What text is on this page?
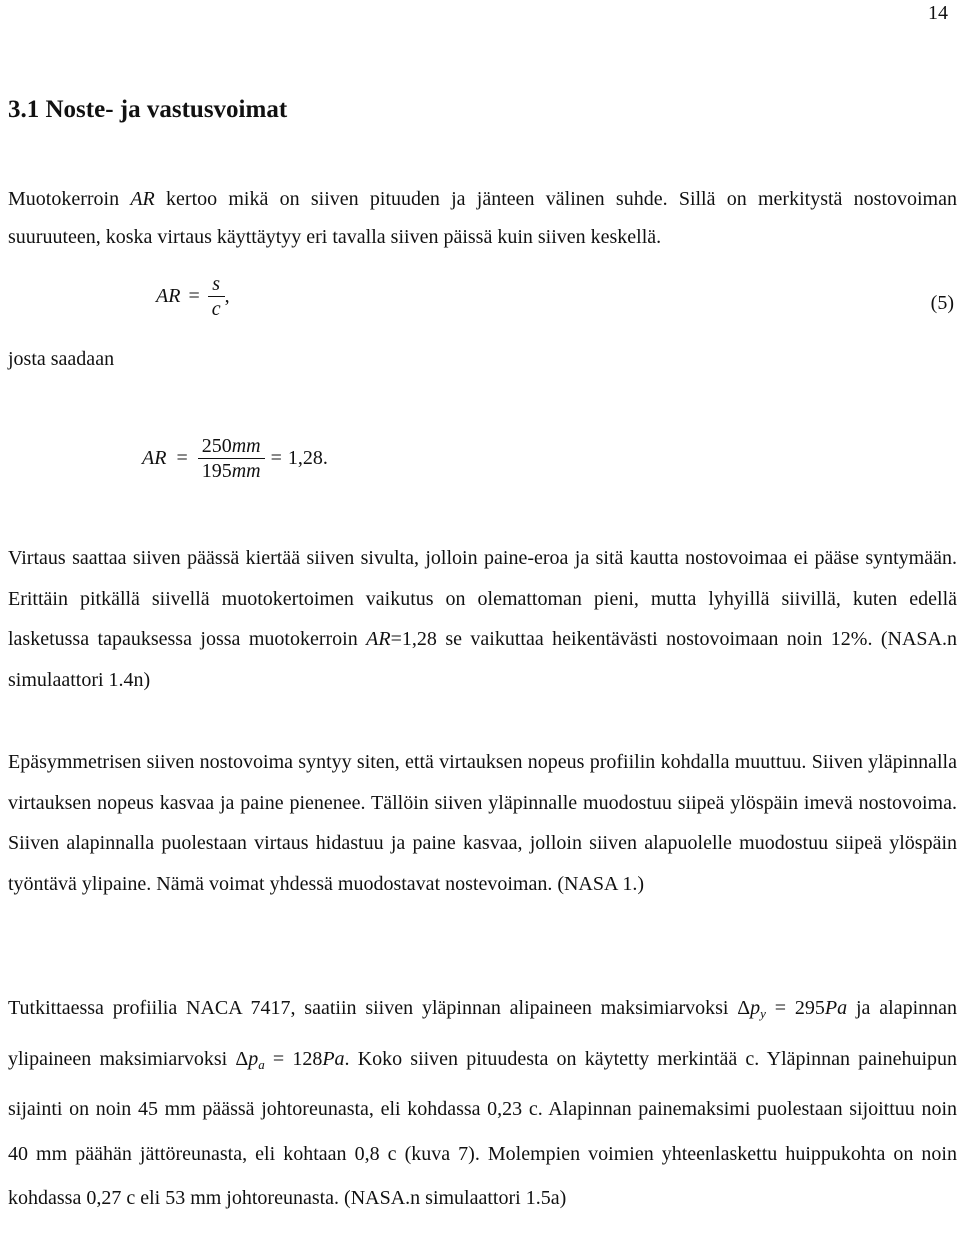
14
3.1 Noste- ja vastusvoimat

Muotokerroin AR kertoo mikä on siiven pituuden ja jänteen välinen suhde. Sillä on merkitystä nostovoiman suuruuteen, koska virtaus käyttäytyy eri tavalla siiven päissä kuin siiven keskellä.

AR = $\frac{s}{c}$ ,	(5)
josta saadaan
AR = $\frac{250mm}{195mm} = 1,28$ .

Virtaus saattaa siiven päässä kiertää siiven sivulta, jolloin paine-eroa ja sitä kautta nostovoimaa ei pääse syntymään. Erittäin pitkällä siivellä muotokertoimen vaikutus on olemattoman pieni, mutta lyhyillä siivillä, kuten edellä lasketussa tapauksessa jossa muotokerroin AR=1,28 se vaikuttaa heikentävästi nostovoimaan noin 12%. (NASA.n simulaattori 1.4n)

Epäsymmetrisen siiven nostovoima syntyy siten, että virtauksen nopeus profiilin kohdalla muuttuu. Siiven yläpinnalla virtauksen nopeus kasvaa ja paine pienenee. Tällöin siiven yläpinnalle muodostuu siipeä ylöspäin imevä nostovoima. Siiven alapinnalla puolestaan virtaus hidastuu ja paine kasvaa, jolloin siiven alapuolelle muodostuu siipeä ylöspäin työntävä ylipaine. Nämä voimat yhdessä muodostavat nostevoiman. (NASA 1.)

Tutkittaessa profiilia NACA 7417, saatiin siiven yläpinnan alipaineen maksimiarvoksi $\Delta p_y = 295Pa$ ja alapinnan ylipaineen maksimiarvoksi $\Delta p_a = 128Pa$. Koko siiven pituudesta on käytetty merkintää c. Yläpinnan painehuipun sijainti on noin 45 mm päässä johtoreunasta, eli kohdassa 0,23 c. Alapinnan painemaksimi puolestaan sijoittuu noin 40 mm päähän jättöreunasta, eli kohtaan 0,8 c (kuva 7). Molempien voimien yhteenlaskettu huippukohta on noin kohdassa 0,27 c eli 53 mm johtoreunasta. (NASA.n simulaattori 1.5a)
